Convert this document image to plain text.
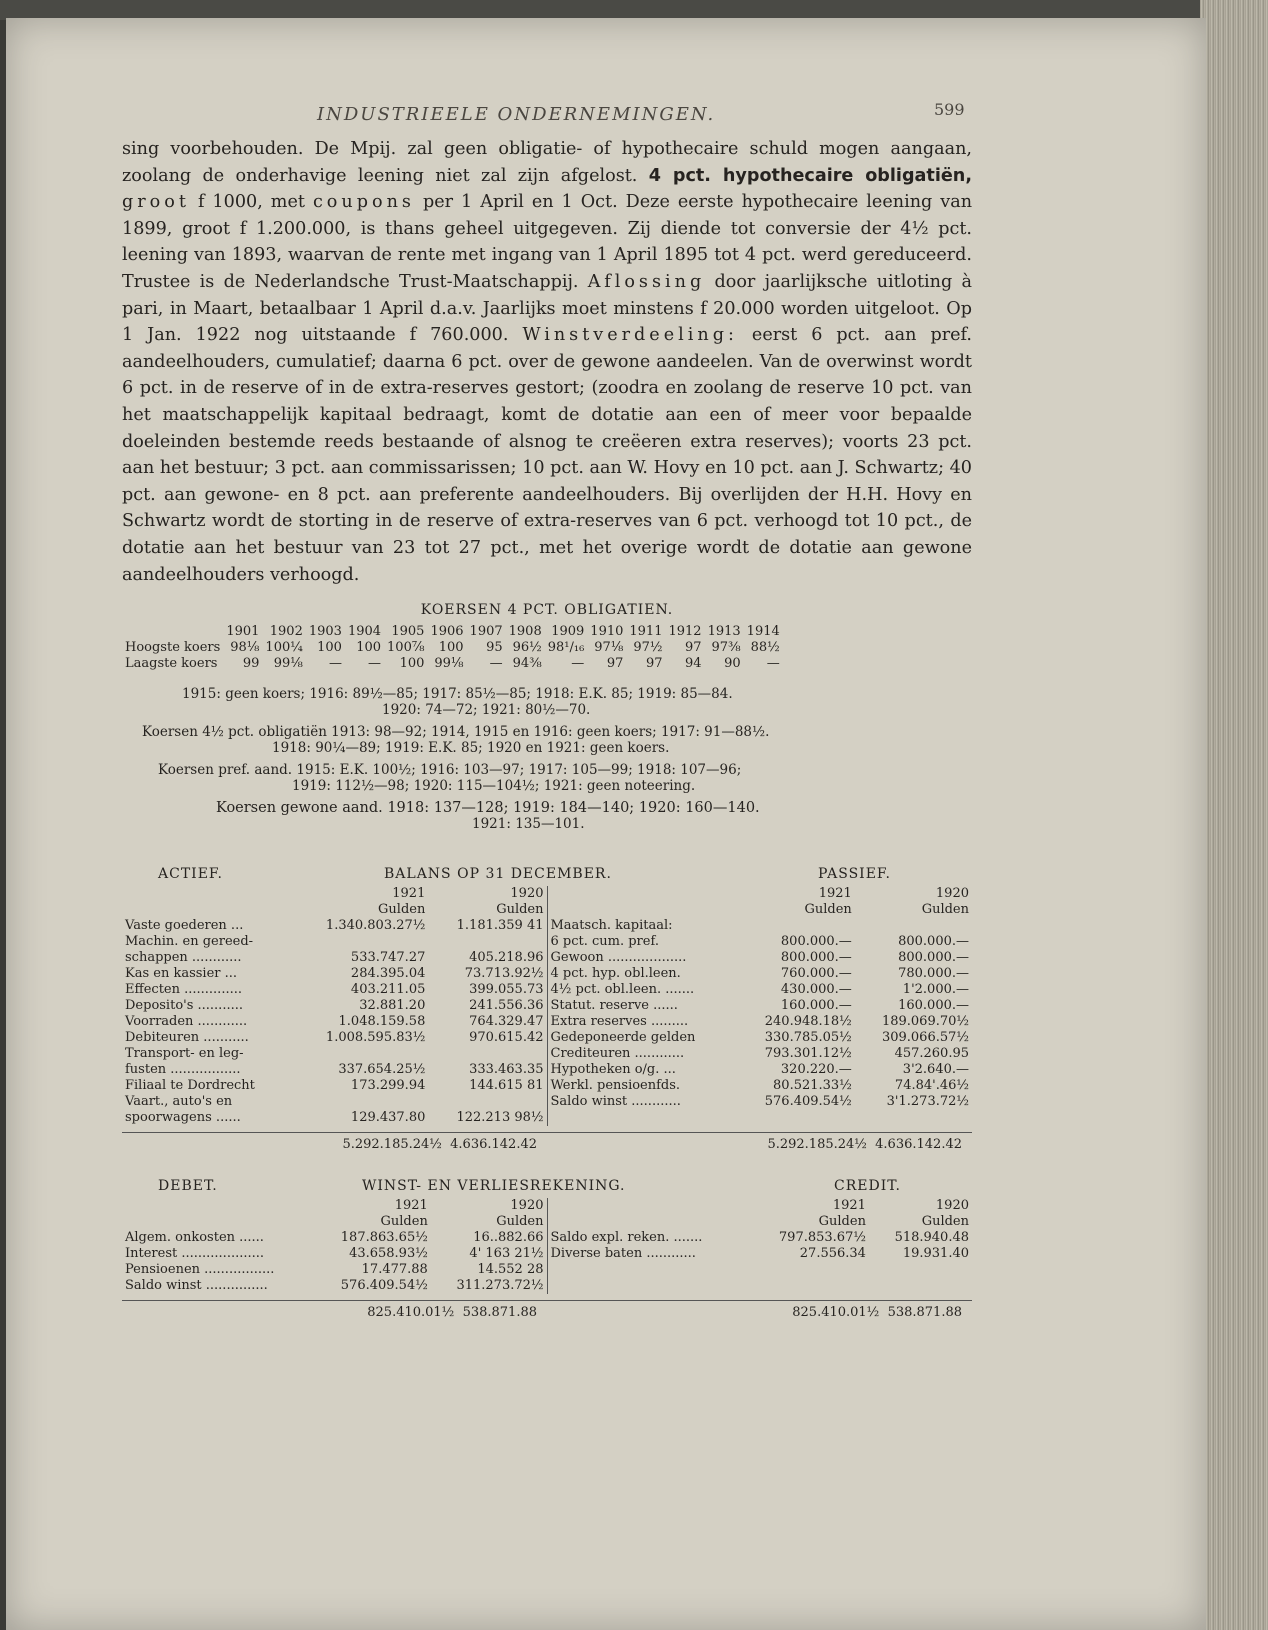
INDUSTRIEELE ONDERNEMINGEN.	599

sing voorbehouden. De Mpij. zal geen obligatie- of hypothecaire schuld mogen aangaan, zoolang de onderhavige leening niet zal zijn afgelost. 4 pct. hypothecaire obligatiën, groot f 1000, met coupons per 1 April en 1 Oct. Deze eerste hypothecaire leening van 1899, groot f 1.200.000, is thans geheel uitgegeven. Zij diende tot conversie der 4½ pct. leening van 1893, waarvan de rente met ingang van 1 April 1895 tot 4 pct. werd gereduceerd. Trustee is de Nederlandsche Trust-Maatschappij. Aflossing door jaarlijksche uitloting à pari, in Maart, betaalbaar 1 April d.a.v. Jaarlijks moet minstens f 20.000 worden uitgeloot. Op 1 Jan. 1922 nog uitstaande f 760.000. Winstverdeeling: eerst 6 pct. aan pref. aandeelhouders, cumulatief; daarna 6 pct. over de gewone aandeelen. Van de overwinst wordt 6 pct. in de reserve of in de extra-reserves gestort; (zoodra en zoolang de reserve 10 pct. van het maatschappelijk kapitaal bedraagt, komt de dotatie aan een of meer voor bepaalde doeleinden bestemde reeds bestaande of alsnog te creëeren extra reserves); voorts 23 pct. aan het bestuur; 3 pct. aan commissarissen; 10 pct. aan W. Hovy en 10 pct. aan J. Schwartz; 40 pct. aan gewone- en 8 pct. aan preferente aandeelhouders. Bij overlijden der H.H. Hovy en Schwartz wordt de storting in de reserve of extra-reserves van 6 pct. verhoogd tot 10 pct., de dotatie aan het bestuur van 23 tot 27 pct., met het overige wordt de dotatie aan gewone aandeelhouders verhoogd.

KOERSEN 4 PCT. OBLIGATIEN.
	1901	1902	1903	1904	1905	1906	1907	1908	1909	1910	1911	1912	1913	1914
Hoogste koers	98⅛	100¼	100	100	100⅞	100	95	96½	98¹/₁₆	97⅛	97½	97	97⅜	88½
Laagste koers	99	99⅛	—	—	100	99⅛	—	94⅜	—	97	97	94	90	—
1915: geen koers; 1916: 89½—85; 1917: 85½—85; 1918: E.K. 85; 1919: 85—84.
1920: 74—72; 1921: 80½—70.
Koersen 4½ pct. obligatiën 1913: 98—92; 1914, 1915 en 1916: geen koers; 1917: 91—88½.
1918: 90¼—89; 1919: E.K. 85; 1920 en 1921: geen koers.
Koersen pref. aand. 1915: E.K. 100½; 1916: 103—97; 1917: 105—99; 1918: 107—96;
1919: 112½—98; 1920: 115—104½; 1921: geen noteering.
Koersen gewone aand. 1918: 137—128; 1919: 184—140; 1920: 160—140.
1921: 135—101.
ACTIEF.	BALANS OP 31 DECEMBER.	PASSIEF.
	1921	1920
	Gulden	Gulden
Vaste goederen ...	1.340.803.27½	1.181.359 41
Machin. en gereed-		
schappen ............	533.747.27	405.218.96
Kas en kassier ...	284.395.04	73.713.92½
Effecten ..............	403.211.05	399.055.73
Deposito's ...........	32.881.20	241.556.36
Voorraden ............	1.048.159.58	764.329.47
Debiteuren ...........	1.008.595.83½	970.615.42
Transport- en leg-		
fusten .................	337.654.25½	333.463.35
Filiaal te Dordrecht	173.299.94	144.615 81
Vaart., auto's en		
spoorwagens ......	129.437.80	122.213 98½
	1921	1920
	Gulden	Gulden
Maatsch. kapitaal:		
6 pct. cum. pref.	800.000.—	800.000.—
Gewoon ...................	800.000.—	800.000.—
4 pct. hyp. obl.leen.	760.000.—	780.000.—
4½ pct. obl.leen. .......	430.000.—	1'2.000.—
Statut. reserve ......	160.000.—	160.000.—
Extra reserves .........	240.948.18½	189.069.70½
Gedeponeerde gelden	330.785.05½	309.066.57½
Crediteuren ............	793.301.12½	457.260.95
Hypotheken o/g. ...	320.220.—	3'2.640.—
Werkl. pensioenfds.	80.521.33½	74.84'.46½
Saldo winst ............	576.409.54½	3'1.273.72½
5.292.185.24½ 4.636.142.42	5.292.185.24½ 4.636.142.42
DEBET.	WINST- EN VERLIESREKENING.	CREDIT.
	1921	1920
	Gulden	Gulden
Algem. onkosten ......	187.863.65½	16..882.66
Interest ....................	43.658.93½	4' 163 21½
Pensioenen .................	17.477.88	14.552 28
Saldo winst ...............	576.409.54½	311.273.72½
	1921	1920
	Gulden	Gulden
Saldo expl. reken. .......	797.853.67½	518.940.48
Diverse baten ............	27.556.34	19.931.40
825.410.01½ 538.871.88	825.410.01½ 538.871.88
